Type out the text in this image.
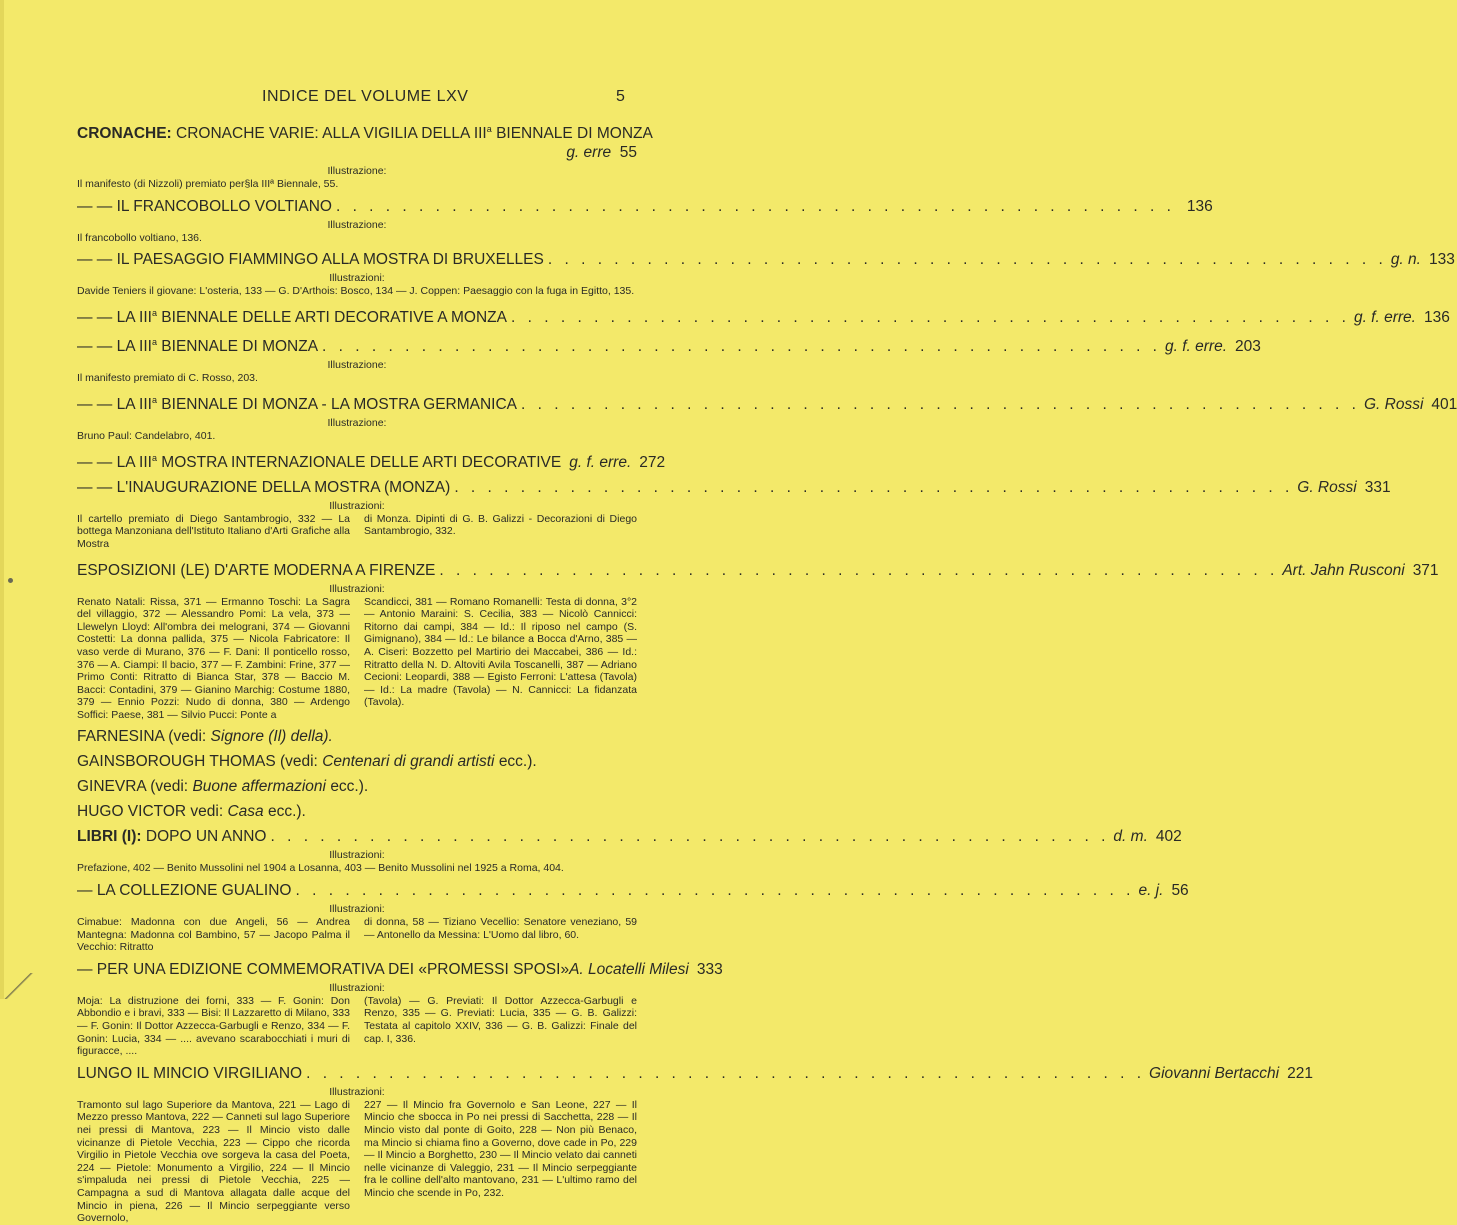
INDICE DEL VOLUME LXV	5
CRONACHE: CRONACHE VARIE: ALLA VIGILIA DELLA III$^a$ BIENNALE DI MONZA
g. erre 55
Illustrazione:
Il manifesto (di Nizzoli) premiato per§la IIIª Biennale, 55.
— — IL FRANCOBOLLO VOLTIANO . . .	136
Illustrazione:
Il francobollo voltiano, 136.
— — IL PAESAGGIO FIAMMINGO ALLA MOSTRA DI BRUXELLES . . .	g. n. 133
Illustrazioni:
Davide Teniers il giovane: L'osteria, 133 — G. D'Arthois: Bosco, 134 — J. Coppen: Paesaggio con la fuga in Egitto, 135.
— — LA III$^a$ BIENNALE DELLE ARTI DECORATIVE A MONZA . . .	g. f. erre. 136
— — LA III$^a$ BIENNALE DI MONZA . . .	g. f. erre. 203
Illustrazione:
Il manifesto premiato di C. Rosso, 203.
— — LA III$^a$ BIENNALE DI MONZA - LA MOSTRA GERMANICA . . .	G. Rossi 401
Illustrazione:
Bruno Paul: Candelabro, 401.
— — LA III$^a$ MOSTRA INTERNAZIONALE DELLE ARTI DECORATIVE g. f. erre. 272
— — L'INAUGURAZIONE DELLA MOSTRA (MONZA) . . .	G. Rossi 331
Illustrazioni:
Il cartello premiato di Diego Santambrogio, 332 — La bottega Manzoniana dell'Istituto Italiano d'Arti Grafiche alla Mostra
di Monza. Dipinti di G. B. Galizzi - Decorazioni di Diego Santambrogio, 332.
ESPOSIZIONI (LE) D'ARTE MODERNA A FIRENZE . . .	Art. Jahn Rusconi 371
Illustrazioni:
Renato Natali: Rissa, 371 — Ermanno Toschi: La Sagra del villaggio, 372 — Alessandro Pomi: La vela, 373 — Llewelyn Lloyd: All'ombra dei melograni, 374 — Giovanni Costetti: La donna pallida, 375 — Nicola Fabricatore: Il vaso verde di Murano, 376 — F. Dani: Il ponticello rosso, 376 — A. Ciampi: Il bacio, 377 — F. Zambini: Frine, 377 — Primo Conti: Ritratto di Bianca Star, 378 — Baccio M. Bacci: Contadini, 379 — Gianino Marchig: Costume 1880, 379 — Ennio Pozzi: Nudo di donna, 380 — Ardengo Soffici: Paese, 381 — Silvio Pucci: Ponte a
Scandicci, 381 — Romano Romanelli: Testa di donna, 3°2 — Antonio Maraini: S. Cecilia, 383 — Nicolò Cannicci: Ritorno dai campi, 384 — Id.: Il riposo nel campo (S. Gimignano), 384 — Id.: Le bilance a Bocca d'Arno, 385 — A. Ciseri: Bozzetto pel Martirio dei Maccabei, 386 — Id.: Ritratto della N. D. Altoviti Avila Toscanelli, 387 — Adriano Cecioni: Leopardi, 388 — Egisto Ferroni: L'attesa (Tavola) — Id.: La madre (Tavola) — N. Cannicci: La fidanzata (Tavola).
FARNESINA (vedi: Signore (Il) della).
GAINSBOROUGH THOMAS (vedi: Centenari di grandi artisti ecc.).
GINEVRA (vedi: Buone affermazioni ecc.).
HUGO VICTOR vedi: Casa ecc.).
LIBRI (I): DOPO UN ANNO . . .	d. m. 402
Illustrazioni:
Prefazione, 402 — Benito Mussolini nel 1904 a Losanna, 403 — Benito Mussolini nel 1925 a Roma, 404.
— LA COLLEZIONE GUALINO . . .	e. j. 56
Illustrazioni:
Cimabue: Madonna con due Angeli, 56 — Andrea Mantegna: Madonna col Bambino, 57 — Jacopo Palma il Vecchio: Ritratto
di donna, 58 — Tiziano Vecellio: Senatore veneziano, 59 — Antonello da Messina: L'Uomo dal libro, 60.
— PER UNA EDIZIONE COMMEMORATIVA DEI «PROMESSI SPOSI» A. Locatelli Milesi 333
Illustrazioni:
Moja: La distruzione dei forni, 333 — F. Gonin: Don Abbondio e i bravi, 333 — Bisi: Il Lazzaretto di Milano, 333 — F. Gonin: Il Dottor Azzecca-Garbugli e Renzo, 334 — F. Gonin: Lucia, 334 — .... avevano scarabocchiati i muri di figuracce, ....
(Tavola) — G. Previati: Il Dottor Azzecca-Garbugli e Renzo, 335 — G. Previati: Lucia, 335 — G. B. Galizzi: Testata al capitolo XXIV, 336 — G. B. Galizzi: Finale del cap. I, 336.
LUNGO IL MINCIO VIRGILIANO . . .	Giovanni Bertacchi 221
Illustrazioni:
Tramonto sul lago Superiore da Mantova, 221 — Lago di Mezzo presso Mantova, 222 — Canneti sul lago Superiore nei pressi di Mantova, 223 — Il Mincio visto dalle vicinanze di Pietole Vecchia, 223 — Cippo che ricorda Virgilio in Pietole Vecchia ove sorgeva la casa del Poeta, 224 — Pietole: Monumento a Virgilio, 224 — Il Mincio s'impaluda nei pressi di Pietole Vecchia, 225 — Campagna a sud di Mantova allagata dalle acque del Mincio in piena, 226 — Il Mincio serpeggiante verso Governolo,
227 — Il Mincio fra Governolo e San Leone, 227 — Il Mincio che sbocca in Po nei pressi di Sacchetta, 228 — Il Mincio visto dal ponte di Goito, 228 — Non più Benaco, ma Mincio si chiama fino a Governo, dove cade in Po, 229 — Il Mincio a Borghetto, 230 — Il Mincio velato dai canneti nelle vicinanze di Valeggio, 231 — Il Mincio serpeggiante fra le colline dell'alto mantovano, 231 — L'ultimo ramo del Mincio che scende in Po, 232.
